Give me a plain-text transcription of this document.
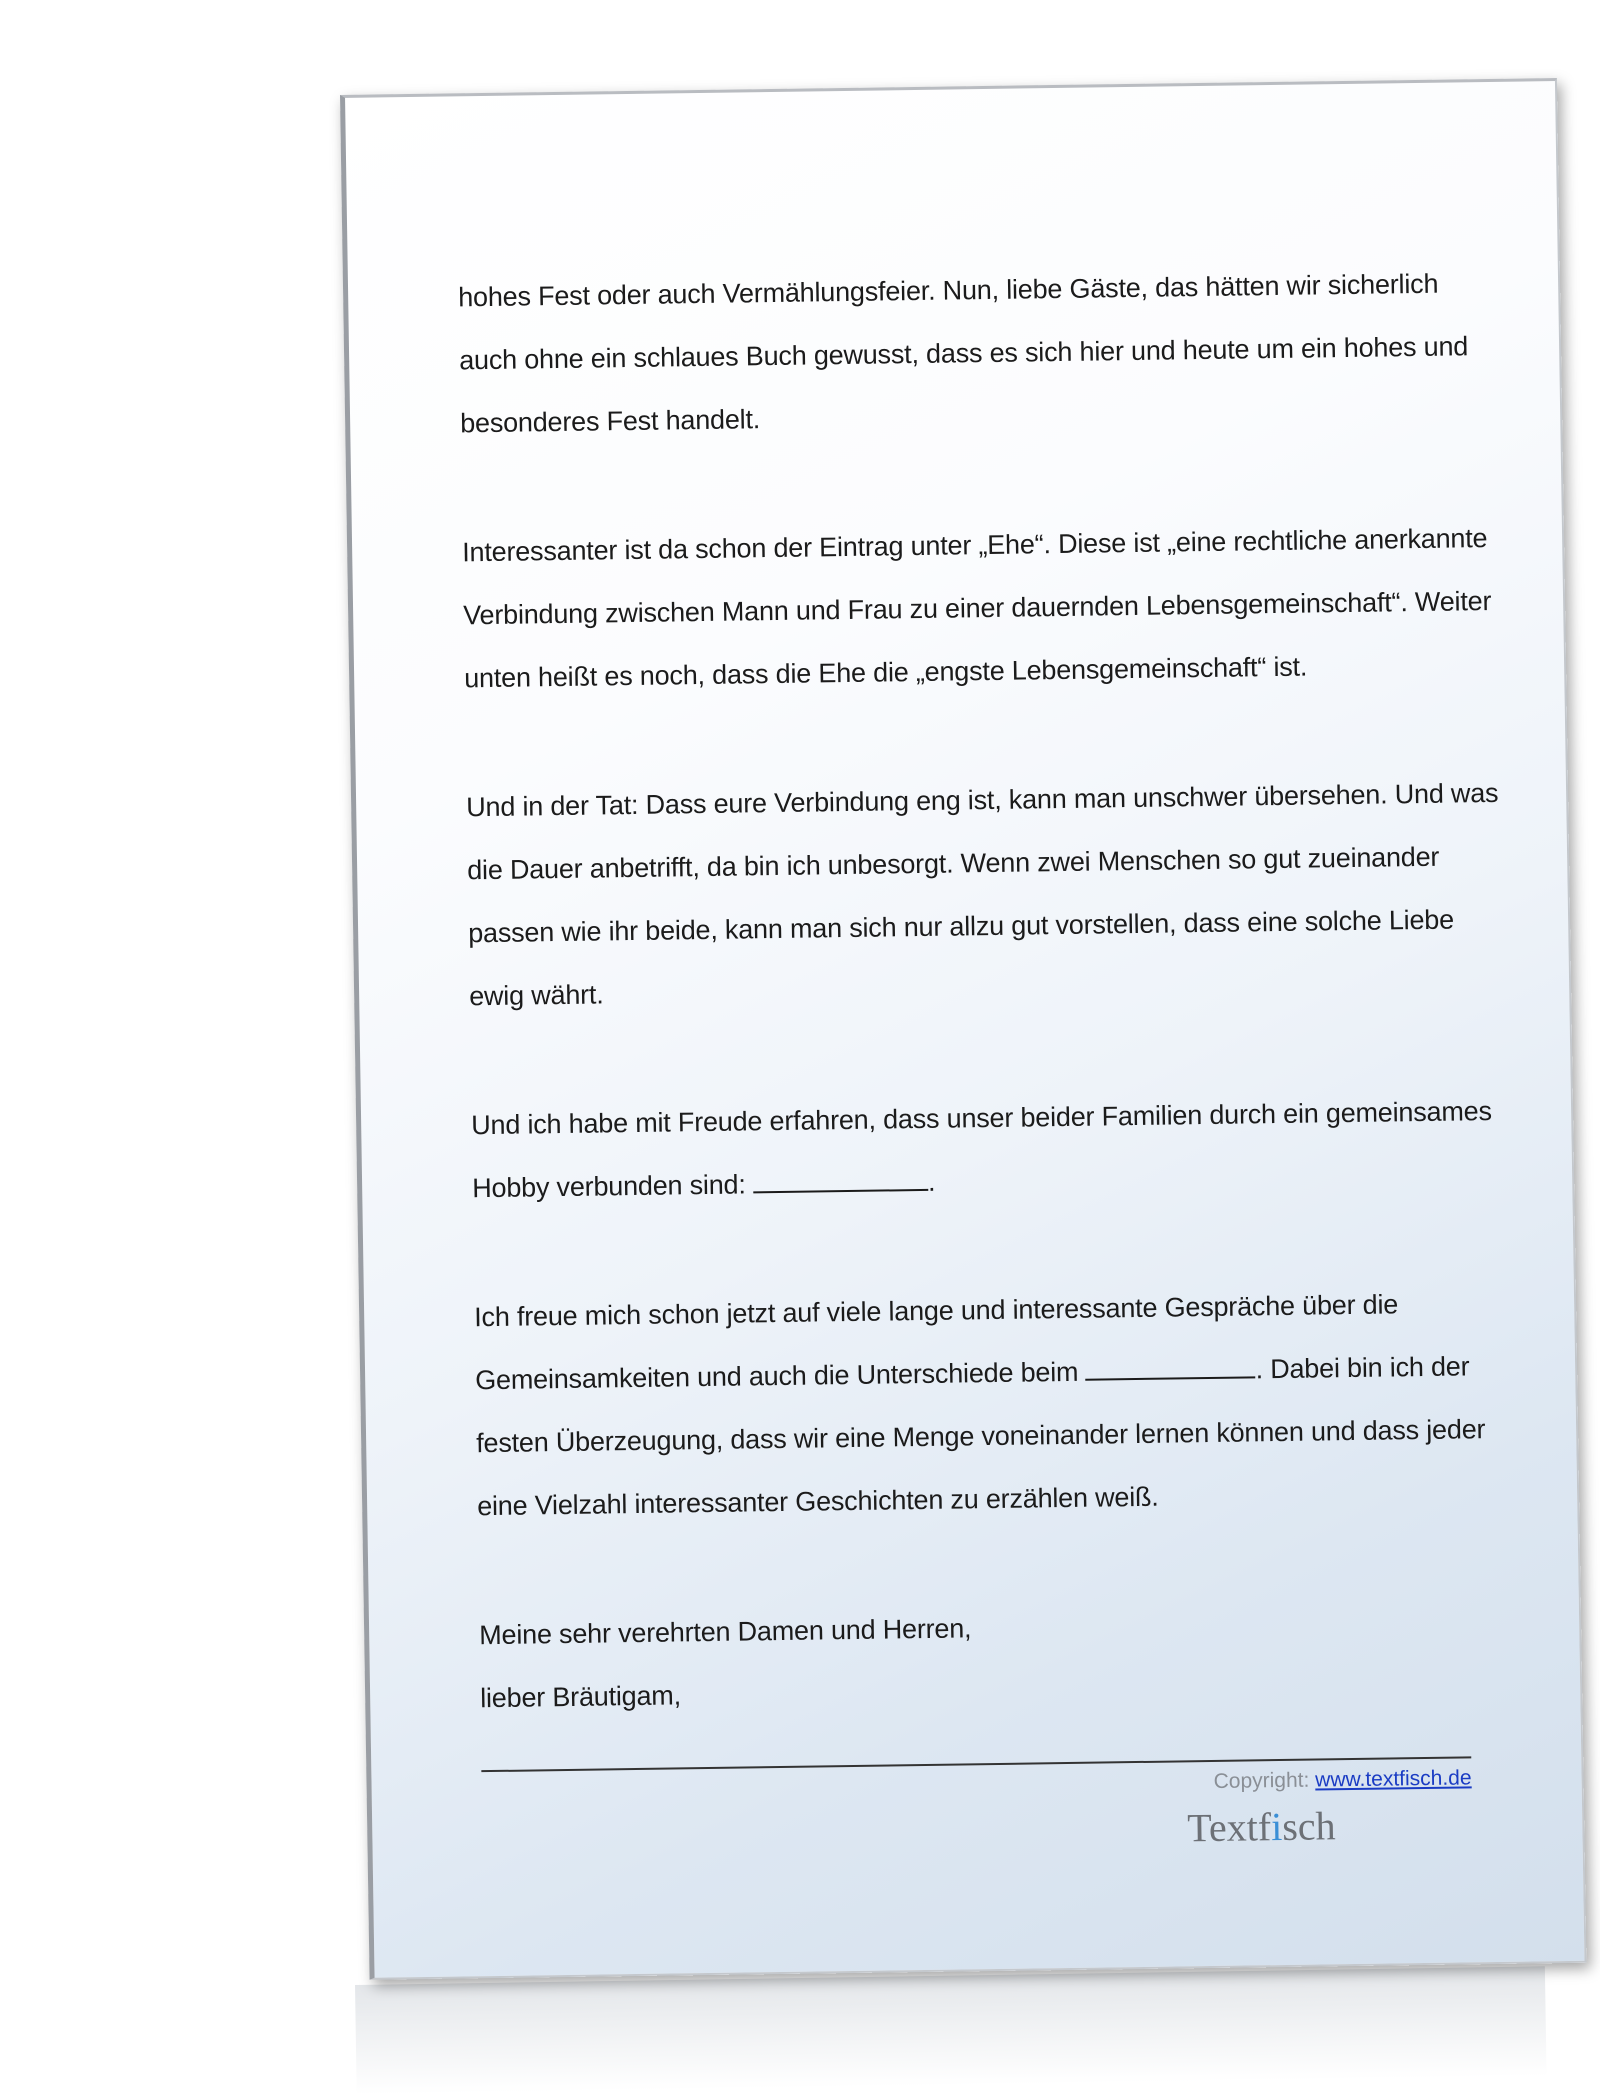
hohes Fest oder auch Vermählungsfeier. Nun, liebe Gäste, das hätten wir sicherlich
auch ohne ein schlaues Buch gewusst, dass es sich hier und heute um ein hohes und
besonderes Fest handelt.
Interessanter ist da schon der Eintrag unter „Ehe“. Diese ist „eine rechtliche anerkannte
Verbindung zwischen Mann und Frau zu einer dauernden Lebensgemeinschaft“. Weiter
unten heißt es noch, dass die Ehe die „engste Lebensgemeinschaft“ ist.
Und in der Tat: Dass eure Verbindung eng ist, kann man unschwer übersehen. Und was
die Dauer anbetrifft, da bin ich unbesorgt. Wenn zwei Menschen so gut zueinander
passen wie ihr beide, kann man sich nur allzu gut vorstellen, dass eine solche Liebe
ewig währt.
Und ich habe mit Freude erfahren, dass unser beider Familien durch ein gemeinsames
Hobby verbunden sind:	.
Ich freue mich schon jetzt auf viele lange und interessante Gespräche über die
Gemeinsamkeiten und auch die Unterschiede beim	. Dabei bin ich der
festen Überzeugung, dass wir eine Menge voneinander lernen können und dass jeder
eine Vielzahl interessanter Geschichten zu erzählen weiß.
Meine sehr verehrten Damen und Herren,
lieber Bräutigam,
Copyright: www.textfisch.de
Textfisch
